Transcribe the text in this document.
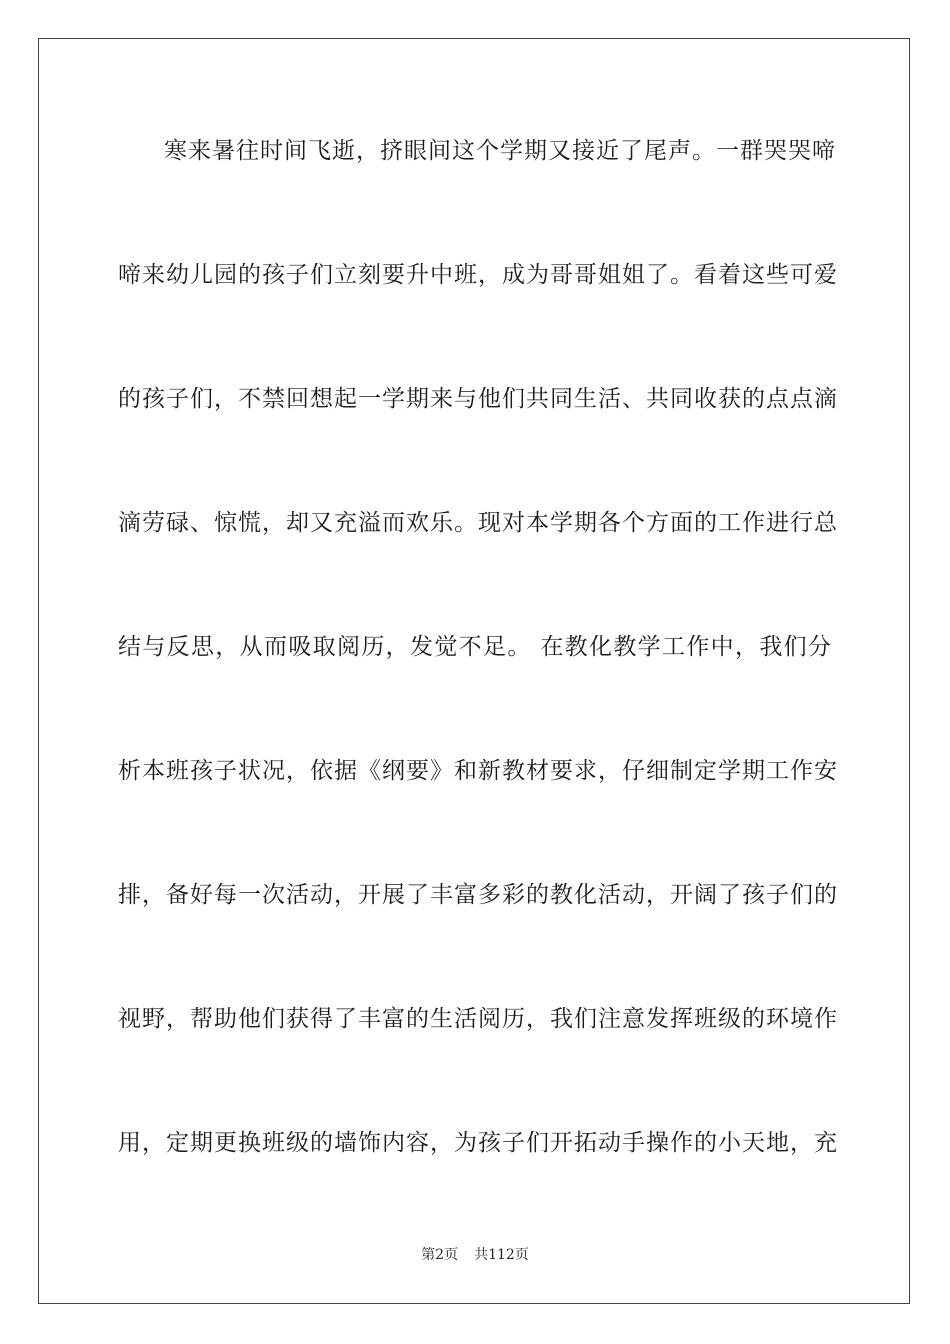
寒来暑往时间飞逝，挤眼间这个学期又接近了尾声。一群哭哭啼
啼来幼儿园的孩子们立刻要升中班，成为哥哥姐姐了。看着这些可爱
的孩子们，不禁回想起一学期来与他们共同生活、共同收获的点点滴
滴劳碌、惊慌，却又充溢而欢乐。现对本学期各个方面的工作进行总
结与反思，从而吸取阅历，发觉不足。 在教化教学工作中，我们分
析本班孩子状况，依据《纲要》和新教材要求，仔细制定学期工作安
排，备好每一次活动，开展了丰富多彩的教化活动，开阔了孩子们的
视野，帮助他们获得了丰富的生活阅历，我们注意发挥班级的环境作
用，定期更换班级的墙饰内容，为孩子们开拓动手操作的小天地，充
第2页 共112页
